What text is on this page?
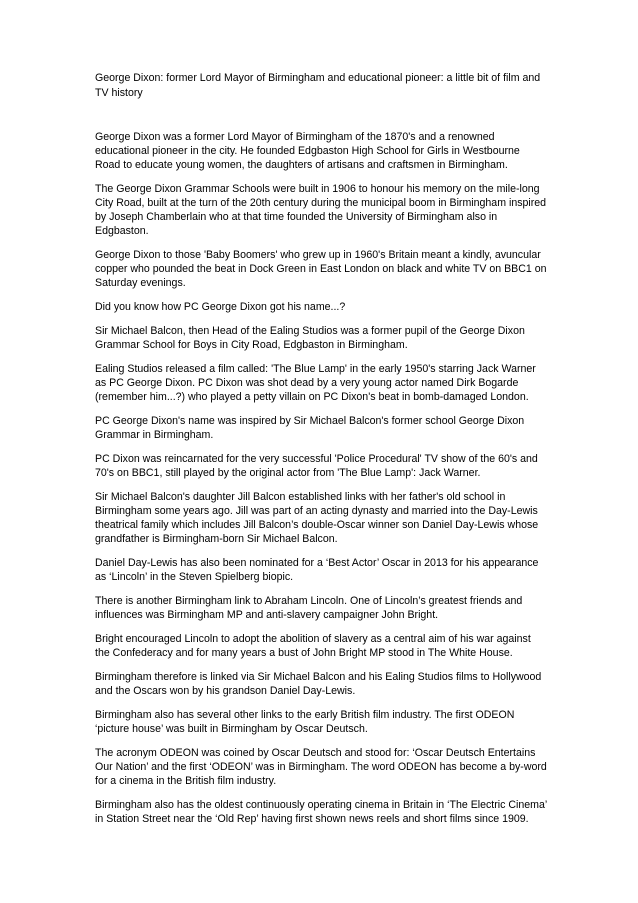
George Dixon: former Lord Mayor of Birmingham and educational pioneer: a little bit of film and TV history
George Dixon was a former Lord Mayor of Birmingham of the 1870's and a renowned educational pioneer in the city. He founded Edgbaston High School for Girls in Westbourne Road to educate young women, the daughters of artisans and craftsmen in Birmingham.
The George Dixon Grammar Schools were built in 1906 to honour his memory on the mile-long City Road, built at the turn of the 20th century during the municipal boom in Birmingham inspired by Joseph Chamberlain who at that time founded the University of Birmingham also in Edgbaston.
George Dixon to those 'Baby Boomers' who grew up in 1960's Britain meant a kindly, avuncular copper who pounded the beat in Dock Green in East London on black and white TV on BBC1 on Saturday evenings.
Did you know how PC George Dixon got his name...?
Sir Michael Balcon, then Head of the Ealing Studios was a former pupil of the George Dixon Grammar School for Boys in City Road, Edgbaston in Birmingham.
Ealing Studios released a film called: 'The Blue Lamp' in the early 1950's starring Jack Warner as PC George Dixon. PC Dixon was shot dead by a very young actor named Dirk Bogarde (remember him...?) who played a petty villain on PC Dixon's beat in bomb-damaged London.
PC George Dixon's name was inspired by Sir Michael Balcon's former school George Dixon Grammar in Birmingham.
PC Dixon was reincarnated for the very successful 'Police Procedural' TV show of the 60's and 70's on BBC1, still played by the original actor from 'The Blue Lamp': Jack Warner.
Sir Michael Balcon's daughter Jill Balcon established links with her father's old school in Birmingham some years ago. Jill was part of an acting dynasty and married into the Day-Lewis theatrical family which includes Jill Balcon’s double-Oscar winner son Daniel Day-Lewis whose grandfather is Birmingham-born Sir Michael Balcon.
Daniel Day-Lewis has also been nominated for a ‘Best Actor’ Oscar in 2013 for his appearance as ‘Lincoln’ in the Steven Spielberg biopic.
There is another Birmingham link to Abraham Lincoln. One of Lincoln’s greatest friends and influences was Birmingham MP and anti-slavery campaigner John Bright.
Bright encouraged Lincoln to adopt the abolition of slavery as a central aim of his war against the Confederacy and for many years a bust of John Bright MP stood in The White House.
Birmingham therefore is linked via Sir Michael Balcon and his Ealing Studios films to Hollywood and the Oscars won by his grandson Daniel Day-Lewis.
Birmingham also has several other links to the early British film industry. The first ODEON ‘picture house’ was built in Birmingham by Oscar Deutsch.
The acronym ODEON was coined by Oscar Deutsch and stood for: ‘Oscar Deutsch Entertains Our Nation’ and the first ‘ODEON’ was in Birmingham. The word ODEON has become a by-word for a cinema in the British film industry.
Birmingham also has the oldest continuously operating cinema in Britain in ‘The Electric Cinema’ in Station Street near the ‘Old Rep’ having first shown news reels and short films since 1909.
